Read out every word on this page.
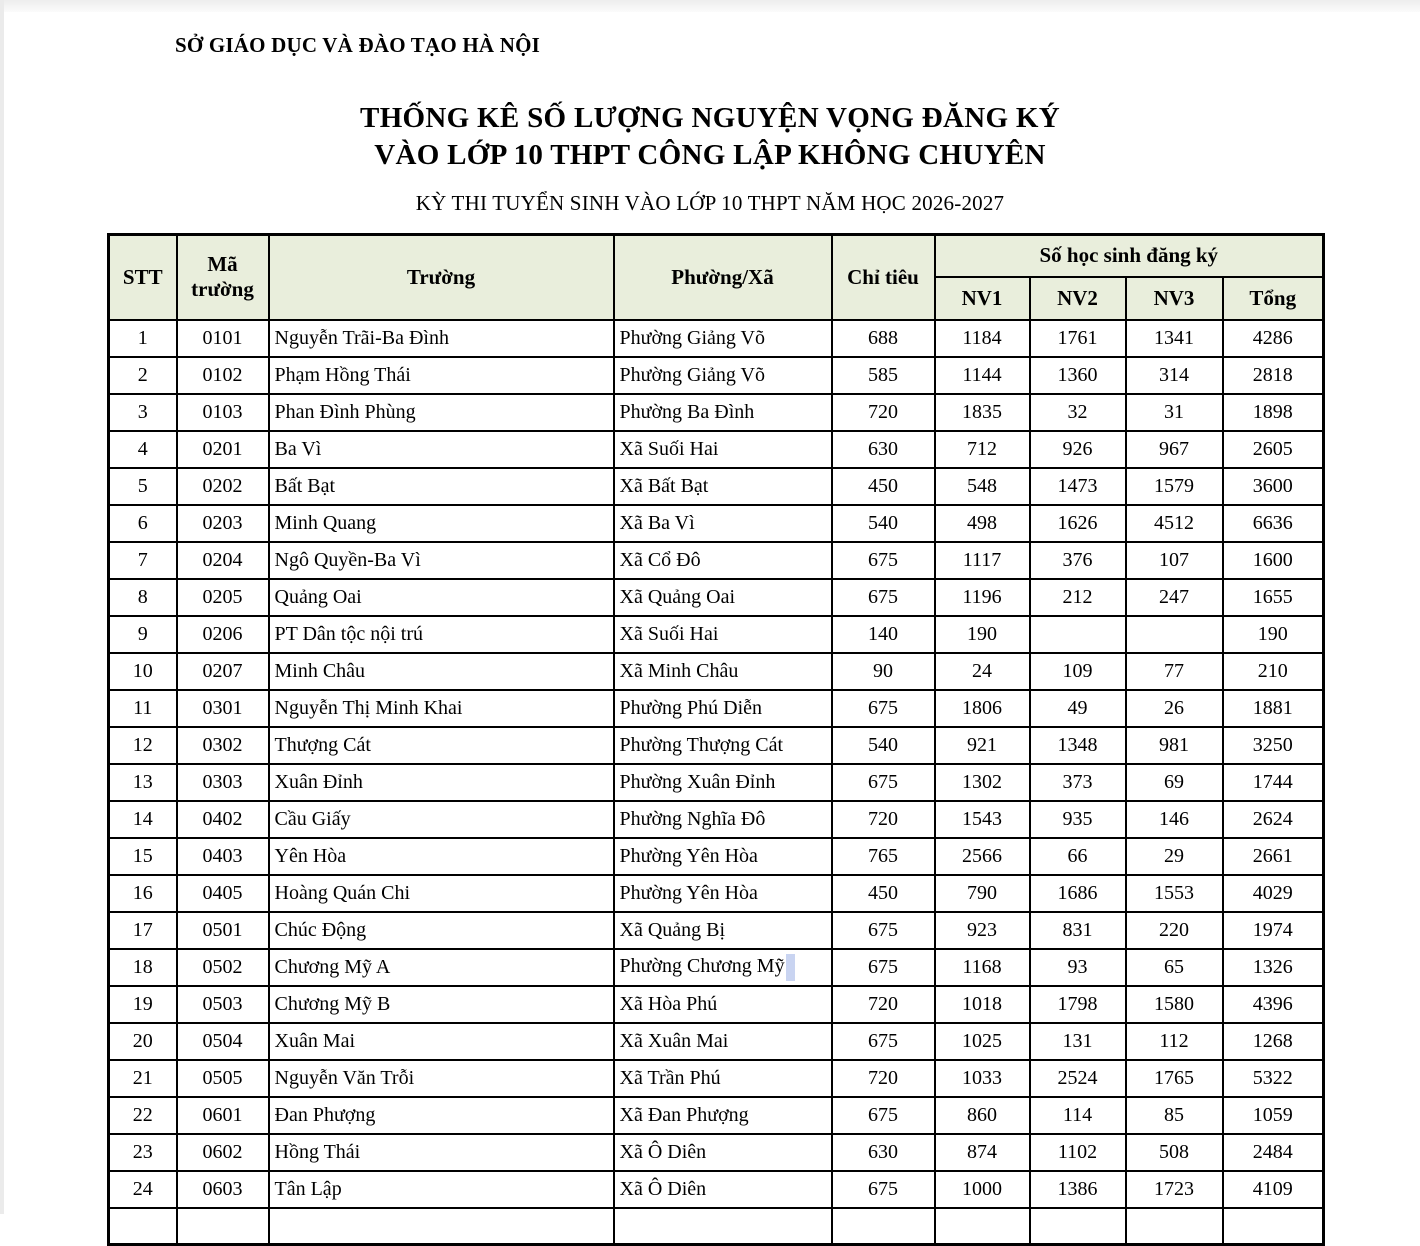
SỞ GIÁO DỤC VÀ ĐÀO TẠO HÀ NỘI
THỐNG KÊ SỐ LƯỢNG NGUYỆN VỌNG ĐĂNG KÝ
VÀO LỚP 10 THPT CÔNG LẬP KHÔNG CHUYÊN
KỲ THI TUYỂN SINH VÀO LỚP 10 THPT NĂM HỌC 2026-2027
STT	Mã trường	Trường	Phường/Xã	Chỉ tiêu	Số học sinh đăng ký			
					NV1	NV2	NV3	Tổng
1	0101	Nguyễn Trãi-Ba Đình	Phường Giảng Võ	688	1184	1761	1341	4286
2	0102	Phạm Hồng Thái	Phường Giảng Võ	585	1144	1360	314	2818
3	0103	Phan Đình Phùng	Phường Ba Đình	720	1835	32	31	1898
4	0201	Ba Vì	Xã Suối Hai	630	712	926	967	2605
5	0202	Bất Bạt	Xã Bất Bạt	450	548	1473	1579	3600
6	0203	Minh Quang	Xã Ba Vì	540	498	1626	4512	6636
7	0204	Ngô Quyền-Ba Vì	Xã Cổ Đô	675	1117	376	107	1600
8	0205	Quảng Oai	Xã Quảng Oai	675	1196	212	247	1655
9	0206	PT Dân tộc nội trú	Xã Suối Hai	140	190			190
10	0207	Minh Châu	Xã Minh Châu	90	24	109	77	210
11	0301	Nguyễn Thị Minh Khai	Phường Phú Diễn	675	1806	49	26	1881
12	0302	Thượng Cát	Phường Thượng Cát	540	921	1348	981	3250
13	0303	Xuân Đỉnh	Phường Xuân Đỉnh	675	1302	373	69	1744
14	0402	Cầu Giấy	Phường Nghĩa Đô	720	1543	935	146	2624
15	0403	Yên Hòa	Phường Yên Hòa	765	2566	66	29	2661
16	0405	Hoàng Quán Chi	Phường Yên Hòa	450	790	1686	1553	4029
17	0501	Chúc Động	Xã Quảng Bị	675	923	831	220	1974
18	0502	Chương Mỹ A	Phường Chương Mỹ	675	1168	93	65	1326
19	0503	Chương Mỹ B	Xã Hòa Phú	720	1018	1798	1580	4396
20	0504	Xuân Mai	Xã Xuân Mai	675	1025	131	112	1268
21	0505	Nguyễn Văn Trỗi	Xã Trần Phú	720	1033	2524	1765	5322
22	0601	Đan Phượng	Xã Đan Phượng	675	860	114	85	1059
23	0602	Hồng Thái	Xã Ô Diên	630	874	1102	508	2484
24	0603	Tân Lập	Xã Ô Diên	675	1000	1386	1723	4109
